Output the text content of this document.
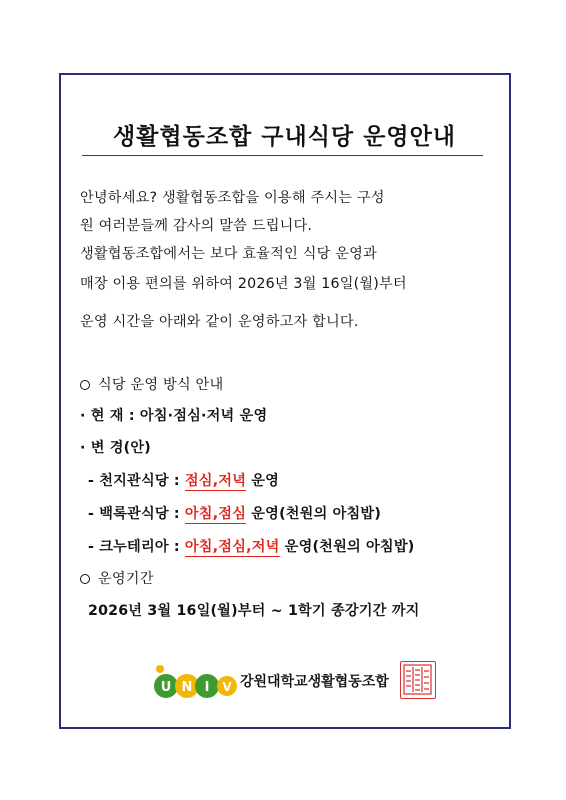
생활협동조합 구내식당 운영안내
안녕하세요? 생활협동조합을 이용해 주시는 구성
원 여러분들께 감사의 말씀 드립니다.
생활협동조합에서는 보다 효율적인 식당 운영과
매장 이용 편의를 위하여 2026년 3월 16일(월)부터
운영 시간을 아래와 같이 운영하고자 합니다.
식당 운영 방식 안내
· 현 재 : 아침·점심·저녁 운영
· 변 경(안)
- 천지관식당 : 점심,저녁 운영
- 백록관식당 : 아침,점심 운영(천원의 아침밥)
- 크누테리아 : 아침,점심,저녁 운영(천원의 아침밥)
운영기간
2026년 3월 16일(월)부터 ~ 1학기 종강기간 까지
U N I V 강원대학교생활협동조합
